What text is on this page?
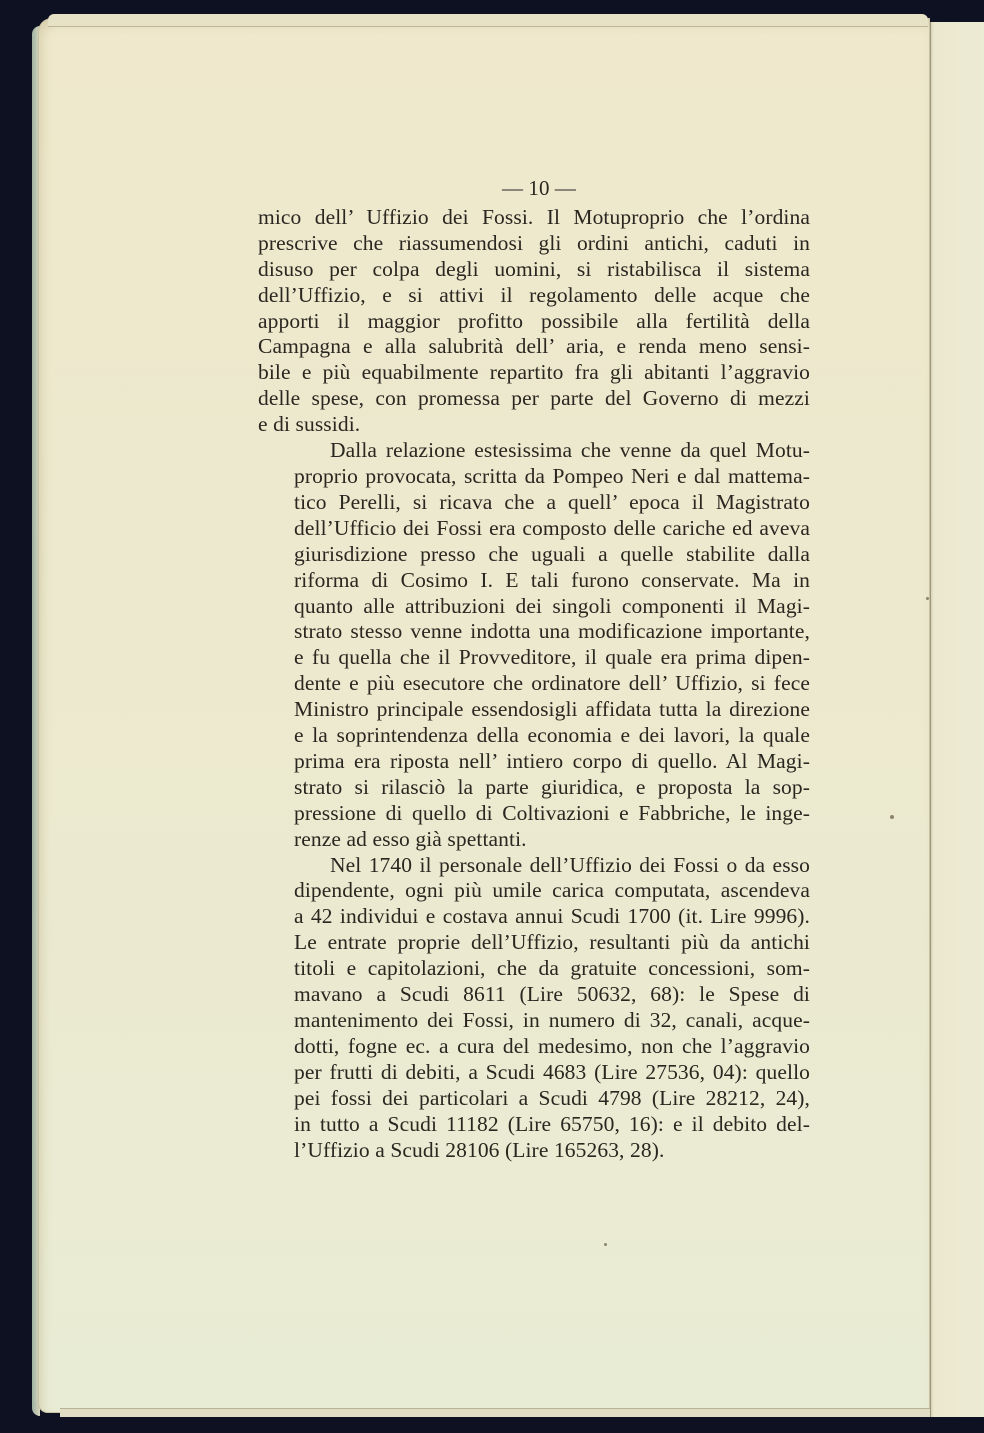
— 10 —

mico dell’ Uffizio dei Fossi. Il Motuproprio che l’ordina
prescrive che riassumendosi gli ordini antichi, caduti in
disuso per colpa degli uomini, si ristabilisca il sistema
dell’Uffizio, e si attivi il regolamento delle acque che
apporti il maggior profitto possibile alla fertilità della
Campagna e alla salubrità dell’ aria, e renda meno sensi-
bile e più equabilmente repartito fra gli abitanti l’aggravio
delle spese, con promessa per parte del Governo di mezzi
e di sussidi.

Dalla relazione estesissima che venne da quel Motu-
proprio provocata, scritta da Pompeo Neri e dal mattema-
tico Perelli, si ricava che a quell’ epoca il Magistrato
dell’Ufficio dei Fossi era composto delle cariche ed aveva
giurisdizione presso che uguali a quelle stabilite dalla
riforma di Cosimo I. E tali furono conservate. Ma in
quanto alle attribuzioni dei singoli componenti il Magi-
strato stesso venne indotta una modificazione importante,
e fu quella che il Provveditore, il quale era prima dipen-
dente e più esecutore che ordinatore dell’ Uffizio, si fece
Ministro principale essendosigli affidata tutta la direzione
e la soprintendenza della economia e dei lavori, la quale
prima era riposta nell’ intiero corpo di quello. Al Magi-
strato si rilasciò la parte giuridica, e proposta la sop-
pressione di quello di Coltivazioni e Fabbriche, le inge-
renze ad esso già spettanti.

Nel 1740 il personale dell’Uffizio dei Fossi o da esso
dipendente, ogni più umile carica computata, ascendeva
a 42 individui e costava annui Scudi 1700 (it. Lire 9996).
Le entrate proprie dell’Uffizio, resultanti più da antichi
titoli e capitolazioni, che da gratuite concessioni, som-
mavano a Scudi 8611 (Lire 50632, 68): le Spese di
mantenimento dei Fossi, in numero di 32, canali, acque-
dotti, fogne ec. a cura del medesimo, non che l’aggravio
per frutti di debiti, a Scudi 4683 (Lire 27536, 04): quello
pei fossi dei particolari a Scudi 4798 (Lire 28212, 24),
in tutto a Scudi 11182 (Lire 65750, 16): e il debito del-
l’Uffizio a Scudi 28106 (Lire 165263, 28).
